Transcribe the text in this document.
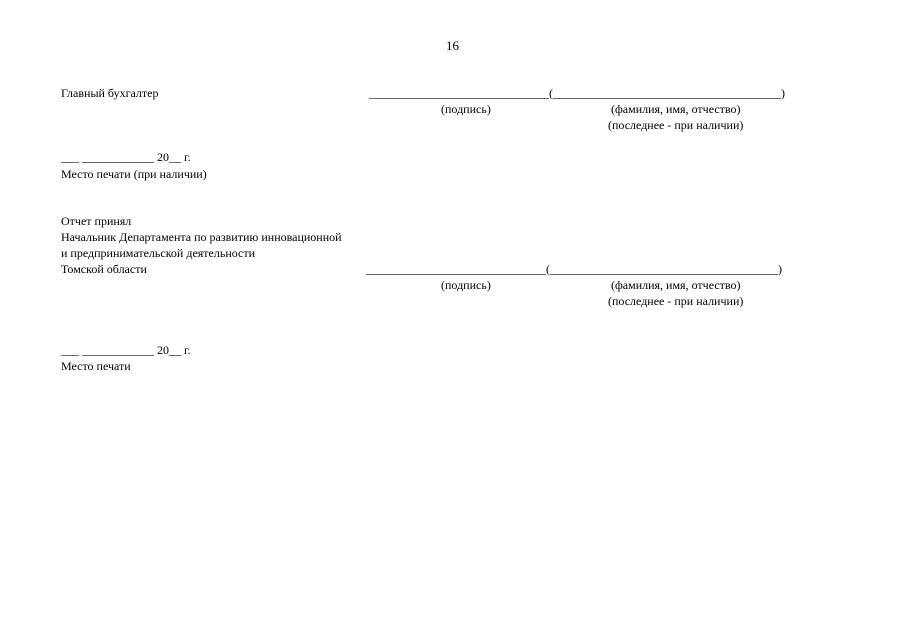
16
Главный бухгалтер	______________________________(______________________________________)
(подпись)	(фамилия, имя, отчество)
(последнее - при наличии)
___ ____________ 20__ г.
Место печати (при наличии)
Отчет принял
Начальник Департамента по развитию инновационной
и предпринимательской деятельности
Томской области	______________________________(______________________________________)
(подпись)	(фамилия, имя, отчество)
(последнее - при наличии)
___ ____________ 20__ г.
Место печати
